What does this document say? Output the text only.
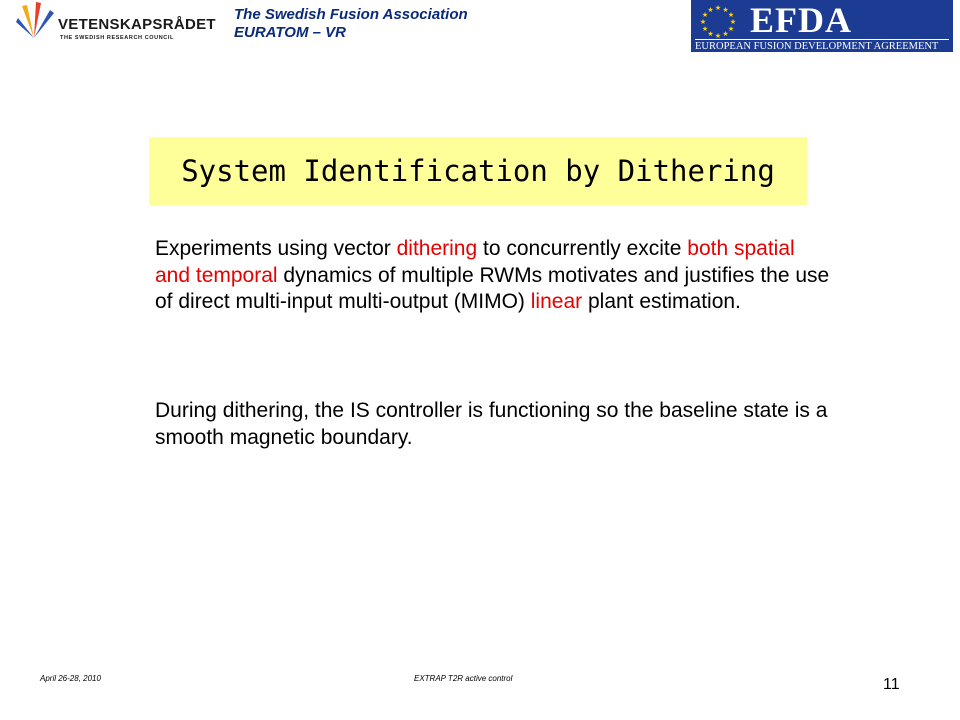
VETENSKAPSRÅDET
THE SWEDISH RESEARCH COUNCIL
The Swedish Fusion Association
EURATOM – VR
★ ★
★
★
★
★
★
★
★
★
★
★ EFDA
EUROPEAN FUSION DEVELOPMENT AGREEMENT
System Identification by Dithering
Experiments using vector dithering to concurrently excite both spatial and temporal dynamics of multiple RWMs motivates and justifies the use of direct multi-input multi-output (MIMO) linear plant estimation.
During dithering, the IS controller is functioning so the baseline state is a smooth magnetic boundary.
April 26-28, 2010	EXTRAP T2R active control	11
